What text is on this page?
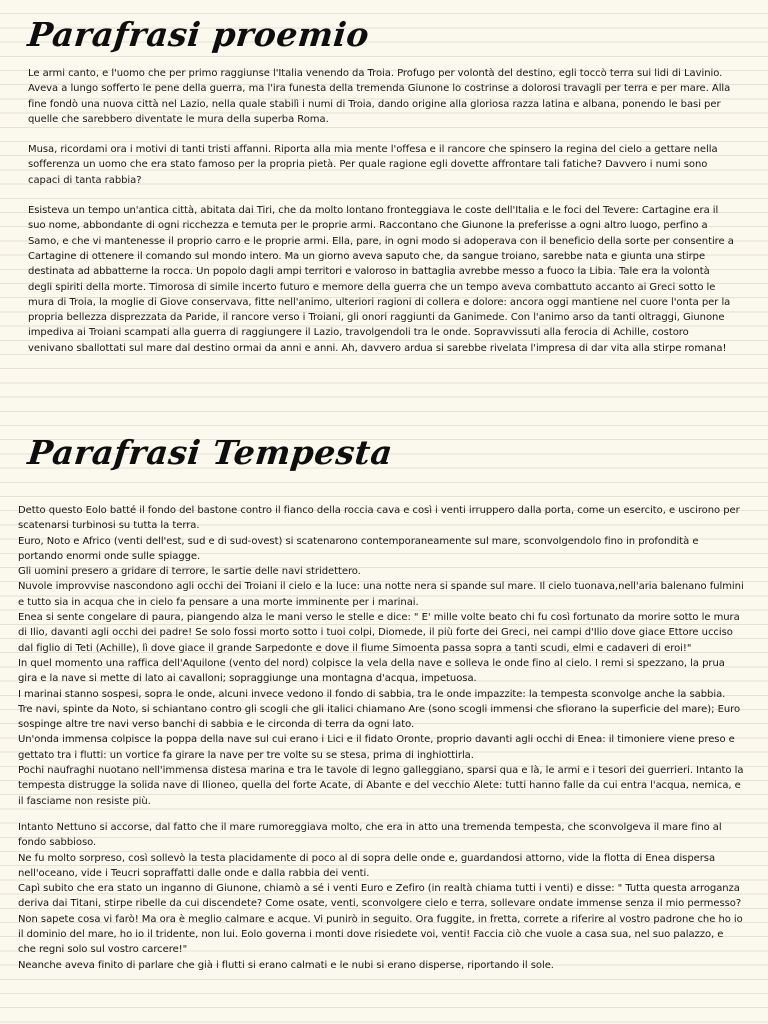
Parafrasi proemio

Le armi canto, e l'uomo che per primo raggiunse l'Italia venendo da Troia. Profugo per volontà del destino, egli toccò terra sui lidi di Lavinio. Aveva a lungo sofferto le pene della guerra, ma l'ira funesta della tremenda Giunone lo costrinse a dolorosi travagli per terra e per mare. Alla fine fondò una nuova città nel Lazio, nella quale stabilì i numi di Troia, dando origine alla gloriosa razza latina e albana, ponendo le basi per quelle che sarebbero diventate le mura della superba Roma.

Musa, ricordami ora i motivi di tanti tristi affanni. Riporta alla mia mente l'offesa e il rancore che spinsero la regina del cielo a gettare nella sofferenza un uomo che era stato famoso per la propria pietà. Per quale ragione egli dovette affrontare tali fatiche? Davvero i numi sono capaci di tanta rabbia?

Esisteva un tempo un'antica città, abitata dai Tiri, che da molto lontano fronteggiava le coste dell'Italia e le foci del Tevere: Cartagine era il suo nome, abbondante di ogni ricchezza e temuta per le proprie armi. Raccontano che Giunone la preferisse a ogni altro luogo, perfino a Samo, e che vi mantenesse il proprio carro e le proprie armi. Ella, pare, in ogni modo si adoperava con il beneficio della sorte per consentire a Cartagine di ottenere il comando sul mondo intero. Ma un giorno aveva saputo che, da sangue troiano, sarebbe nata e giunta una stirpe destinata ad abbatterne la rocca. Un popolo dagli ampi territori e valoroso in battaglia avrebbe messo a fuoco la Libia. Tale era la volontà degli spiriti della morte. Timorosa di simile incerto futuro e memore della guerra che un tempo aveva combattuto accanto ai Greci sotto le mura di Troia, la moglie di Giove conservava, fitte nell'animo, ulteriori ragioni di collera e dolore: ancora oggi mantiene nel cuore l'onta per la propria bellezza disprezzata da Paride, il rancore verso i Troiani, gli onori raggiunti da Ganimede. Con l'animo arso da tanti oltraggi, Giunone impediva ai Troiani scampati alla guerra di raggiungere il Lazio, travolgendoli tra le onde. Sopravvissuti alla ferocia di Achille, costoro venivano sballottati sul mare dal destino ormai da anni e anni. Ah, davvero ardua si sarebbe rivelata l'impresa di dar vita alla stirpe romana!

Parafrasi Tempesta

Detto questo Eolo batté il fondo del bastone contro il fianco della roccia cava e così i venti irruppero dalla porta, come un esercito, e uscirono per scatenarsi turbinosi su tutta la terra.

Euro, Noto e Africo (venti dell'est, sud e di sud-ovest) si scatenarono contemporaneamente sul mare, sconvolgendolo fino in profondità e portando enormi onde sulle spiagge.

Gli uomini presero a gridare di terrore, le sartie delle navi stridettero.

Nuvole improvvise nascondono agli occhi dei Troiani il cielo e la luce: una notte nera si spande sul mare. Il cielo tuonava,nell'aria balenano fulmini e tutto sia in acqua che in cielo fa pensare a una morte imminente per i marinai.

Enea si sente congelare di paura, piangendo alza le mani verso le stelle e dice: " E' mille volte beato chi fu così fortunato da morire sotto le mura di Ilio, davanti agli occhi dei padre! Se solo fossi morto sotto i tuoi colpi, Diomede, il più forte dei Greci, nei campi d'Ilio dove giace Ettore ucciso dal figlio di Teti (Achille), lì dove giace il grande Sarpedonte e dove il fiume Simoenta passa sopra a tanti scudi, elmi e cadaveri di eroi!"

In quel momento una raffica dell'Aquilone (vento del nord) colpisce la vela della nave e solleva le onde fino al cielo. I remi si spezzano, la prua gira e la nave si mette di lato ai cavalloni; sopraggiunge una montagna d'acqua, impetuosa.

I marinai stanno sospesi, sopra le onde, alcuni invece vedono il fondo di sabbia, tra le onde impazzite: la tempesta sconvolge anche la sabbia.

Tre navi, spinte da Noto, si schiantano contro gli scogli che gli italici chiamano Are (sono scogli immensi che sfiorano la superficie del mare); Euro sospinge altre tre navi verso banchi di sabbia e le circonda di terra da ogni lato.

Un'onda immensa colpisce la poppa della nave sul cui erano i Lici e il fidato Oronte, proprio davanti agli occhi di Enea: il timoniere viene preso e gettato tra i flutti: un vortice fa girare la nave per tre volte su se stesa, prima di inghiottirla.

Pochi naufraghi nuotano nell'immensa distesa marina e tra le tavole di legno galleggiano, sparsi qua e là, le armi e i tesori dei guerrieri. Intanto la tempesta distrugge la solida nave di Ilioneo, quella del forte Acate, di Abante e del vecchio Alete: tutti hanno falle da cui entra l'acqua, nemica, e il fasciame non resiste più.

Intanto Nettuno si accorse, dal fatto che il mare rumoreggiava molto, che era in atto una tremenda tempesta, che sconvolgeva il mare fino al fondo sabbioso.

Ne fu molto sorpreso, così sollevò la testa placidamente di poco al di sopra delle onde e, guardandosi attorno, vide la flotta di Enea dispersa nell'oceano, vide i Teucri sopraffatti dalle onde e dalla rabbia dei venti.

Capì subito che era stato un inganno di Giunone, chiamò a sé i venti Euro e Zefiro (in realtà chiama tutti i venti) e disse: " Tutta questa arroganza deriva dai Titani, stirpe ribelle da cui discendete? Come osate, venti, sconvolgere cielo e terra, sollevare ondate immense senza il mio permesso? Non sapete cosa vi farò! Ma ora è meglio calmare e acque. Vi punirò in seguito. Ora fuggite, in fretta, correte a riferire al vostro padrone che ho io il dominio del mare, ho io il tridente, non lui. Eolo governa i monti dove risiedete voi, venti! Faccia ciò che vuole a casa sua, nel suo palazzo, e che regni solo sul vostro carcere!"

Neanche aveva finito di parlare che già i flutti si erano calmati e le nubi si erano disperse, riportando il sole.
